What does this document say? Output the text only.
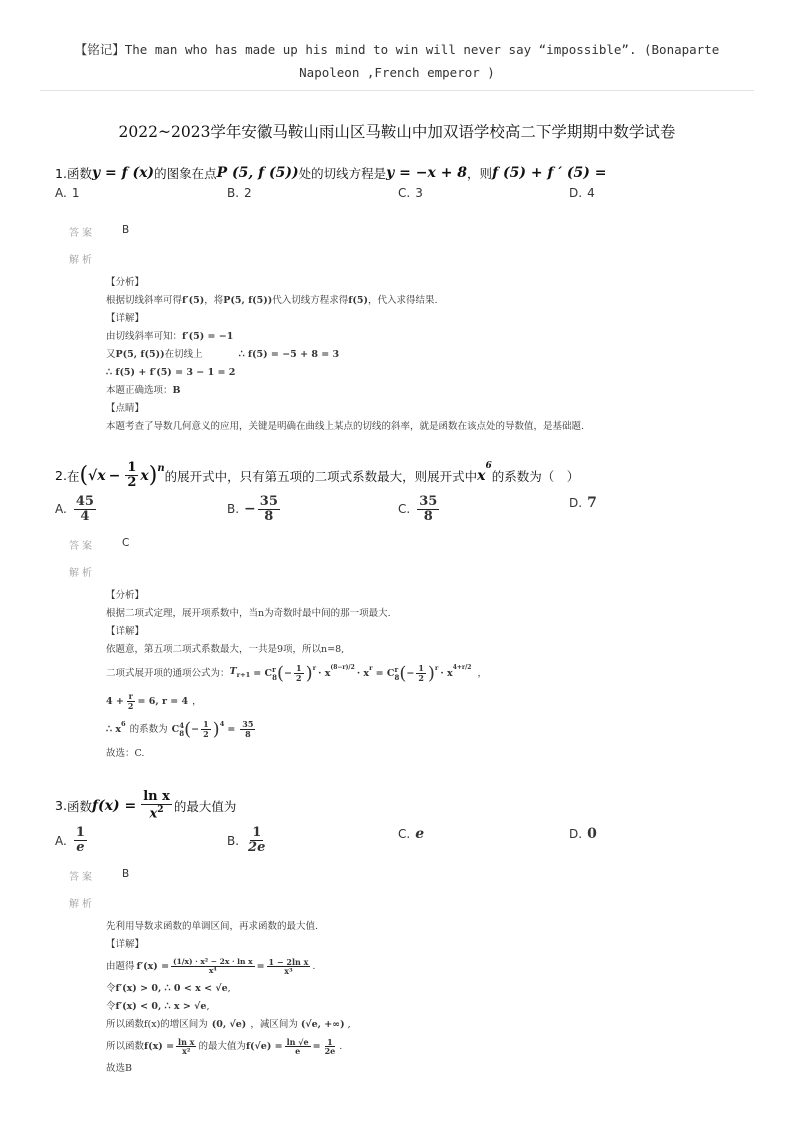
【铭记】The man who has made up his mind to win will never say “impossible”. (Bonaparte
Napoleon ,French emperor )
2022~2023学年安徽马鞍山雨山区马鞍山中加双语学校高二下学期期中数学试卷
1. 函数 y = f (x) 的图象在点 P (5, f (5)) 处的切线方程是 y = −x + 8 ，则 f (5) + f ′ (5) =
A. 1	B. 2	C. 3	D. 4
答案	B
解析
【分析】
根据切线斜率可得 f′(5) ，将 P(5, f(5)) 代入切线方程求得 f(5) ，代入求得结果.
【详解】
由切线斜率可知： f′(5) = −1
又 P(5, f(5)) 在切线上	∴ f(5) = −5 + 8 = 3
∴ f(5) + f′(5) = 3 − 1 = 2
本题正确选项： B
【点睛】
本题考查了导数几何意义的应用，关键是明确在曲线上某点的切线的斜率，就是函数在该点处的导数值，是基础题.
2. 在 ( $√x - \frac{1}{2}$ x ) n
的展开式中，只有第五项的二项式系数最大，则展开式中 x
$^6$
的系数为（　）
A. $\frac{45}{4}$	B. − $\frac{35}{8}$	C. $\frac{35}{8}$	D. 7
答案	C
解析
【分析】
根据二项式定理，展开项系数中，当n为奇数时最中间的那一项最大.
【详解】
依题意，第五项二项式系数最大，一共是9项，所以n=8,
二项式展开项的通项公式为： $T_{r+1} = C$ r
8 ( − $\frac{1}{2} )^r \cdot x$
$^{(8-r)/2}$
· $x^r = C$ r
8 ( − $\frac{1}{2} )^r \cdot x$
$^{4+r/2}$
，
$4 + \frac{r}{2} = 6$, r = 4 ，
∴ $x^6$ 的系数为 C 4
8 ( − $\frac{1}{2} )^4 = \frac{35}{8}$
故选：C.
3. 函数 $f(x) = \frac{\text{ln x}}{x^2}$ 的最大值为
A. $\frac{1}{e}$	B. $\frac{1}{2e}$	C. e	D. 0
答案	B
解析
先利用导数求函数的单调区间，再求函数的最大值.
【详解】
由题得 $f'(x) = \frac{\text{(1/x) · x² − 2x · ln x}}{\text{x⁴}} = \frac{\text{1 − 2ln x}}{\text{x³}}$ .
令 f′(x) > 0, ∴ 0 < x < √e ,
令 f′(x) < 0, ∴ x > √e ,
所以函数f(x)的增区间为 (0, √e) ，减区间为 (√e, +∞) ,
所以函数 $f(x) = \frac{\text{ln x}}{\text{x²}}$ 的最大值为 $f(√e) = \frac{\ln √e}{e} = \frac{1}{2e}$ .
故选B
